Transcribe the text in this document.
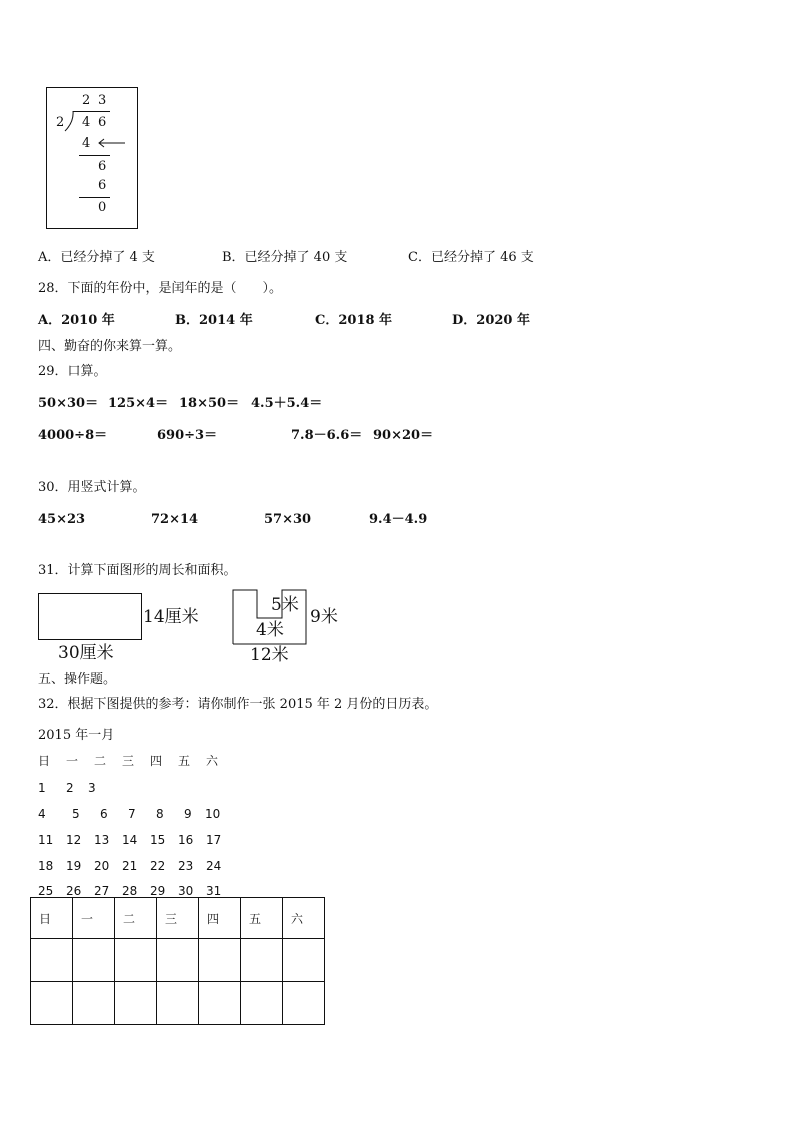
2 3
2 4 6
4
6
6
0
A．已经分掉了 4 支	B．已经分掉了 40 支	C．已经分掉了 46 支
28．下面的年份中，是闰年的是（　　）。
A．2010 年	B．2014 年	C．2018 年	D．2020 年
四、勤奋的你来算一算。
29．口算。
50×30＝ 125×4＝ 18×50＝ 4.5＋5.4＝
4000÷8＝	690÷3＝	7.8－6.6＝ 90×20＝
30．用竖式计算。
45×23	72×14	57×30	9.4－4.9
31．计算下面图形的周长和面积。
14厘米
30厘米
5米
4米
9米
12米
五、操作题。
32．根据下图提供的参考：请你制作一张 2015 年 2 月份的日历表。
2015 年一月
日 一 二 三 四 五 六
1 2 3
4 5 6 7 8 9 10
11 12 13 14 15 16 17
18 19 20 21 22 23 24
25 26 27 28 29 30 31
日	一	二	三	四	五	六
